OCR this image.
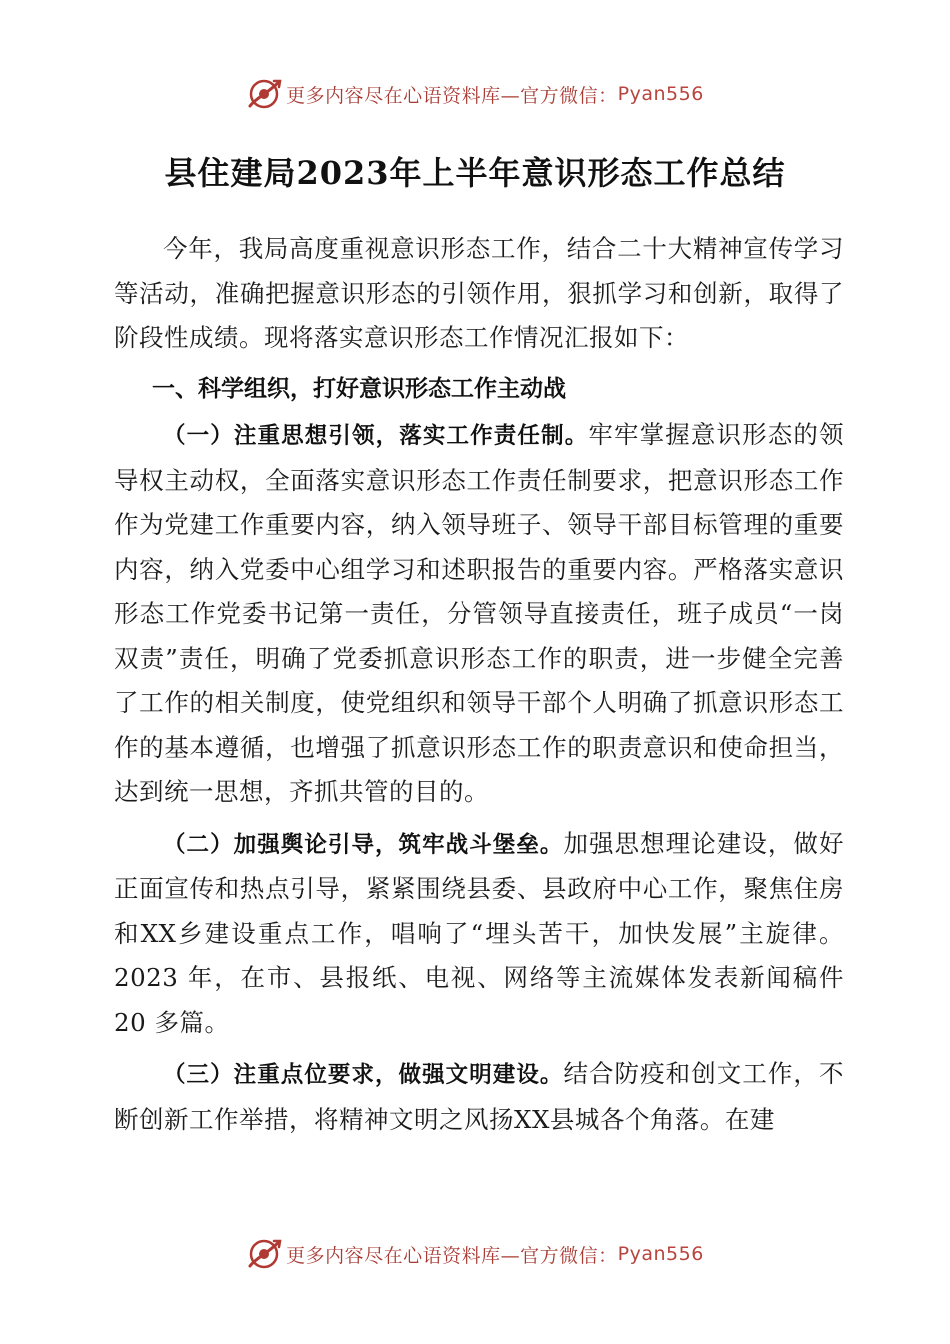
更多内容尽在心语资料库—官方微信： Pyan556
县住建局2023年上半年意识形态工作总结

今年，我局高度重视意识形态工作，结合二十大精神宣传学习等活动，准确把握意识形态的引领作用，狠抓学习和创新，取得了阶段性成绩。现将落实意识形态工作情况汇报如下：

一、科学组织，打好意识形态工作主动战

（一）注重思想引领，落实工作责任制。牢牢掌握意识形态的领导权主动权，全面落实意识形态工作责任制要求，把意识形态工作作为党建工作重要内容，纳入领导班子、领导干部目标管理的重要内容，纳入党委中心组学习和述职报告的重要内容。严格落实意识形态工作党委书记第一责任，分管领导直接责任，班子成员“一岗双责”责任，明确了党委抓意识形态工作的职责，进一步健全完善了工作的相关制度，使党组织和领导干部个人明确了抓意识形态工作的基本遵循，也增强了抓意识形态工作的职责意识和使命担当，达到统一思想，齐抓共管的目的。

（二）加强舆论引导，筑牢战斗堡垒。加强思想理论建设，做好正面宣传和热点引导，紧紧围绕县委、县政府中心工作，聚焦住房和XX乡建设重点工作，唱响了“埋头苦干，加快发展”主旋律。2023 年，在市、县报纸、电视、网络等主流媒体发表新闻稿件 20 多篇。

（三）注重点位要求，做强文明建设。结合防疫和创文工作，不断创新工作举措，将精神文明之风扬XX县城各个角落。在建

更多内容尽在心语资料库—官方微信： Pyan556
